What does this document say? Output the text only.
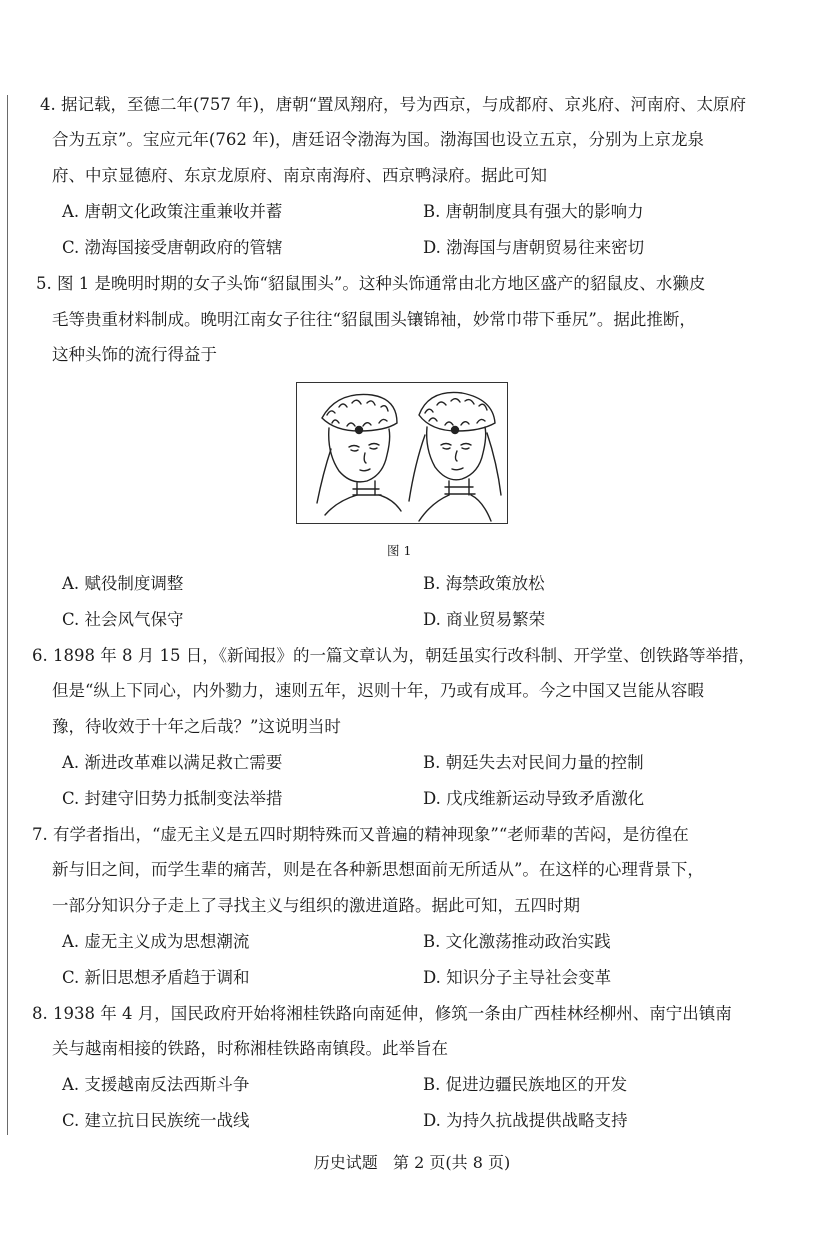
4. 据记载，至德二年(757 年)，唐朝“置凤翔府，号为西京，与成都府、京兆府、河南府、太原府
合为五京”。宝应元年(762 年)，唐廷诏令渤海为国。渤海国也设立五京，分别为上京龙泉
府、中京显德府、东京龙原府、南京南海府、西京鸭渌府。据此可知
A. 唐朝文化政策注重兼收并蓄	B. 唐朝制度具有强大的影响力
C. 渤海国接受唐朝政府的管辖	D. 渤海国与唐朝贸易往来密切
5. 图 1 是晚明时期的女子头饰“貂鼠围头”。这种头饰通常由北方地区盛产的貂鼠皮、水獭皮
毛等贵重材料制成。晚明江南女子往往“貂鼠围头镶锦袖，妙常巾带下垂尻”。据此推断，
这种头饰的流行得益于
图 1
A. 赋役制度调整	B. 海禁政策放松
C. 社会风气保守	D. 商业贸易繁荣
6. 1898 年 8 月 15 日，《新闻报》的一篇文章认为，朝廷虽实行改科制、开学堂、创铁路等举措，
但是“纵上下同心，内外勠力，速则五年，迟则十年，乃或有成耳。今之中国又岂能从容暇
豫，待收效于十年之后哉？”这说明当时
A. 渐进改革难以满足救亡需要	B. 朝廷失去对民间力量的控制
C. 封建守旧势力抵制变法举措	D. 戊戌维新运动导致矛盾激化
7. 有学者指出，“虚无主义是五四时期特殊而又普遍的精神现象”“老师辈的苦闷，是彷徨在
新与旧之间，而学生辈的痛苦，则是在各种新思想面前无所适从”。在这样的心理背景下，
一部分知识分子走上了寻找主义与组织的激进道路。据此可知，五四时期
A. 虚无主义成为思想潮流	B. 文化激荡推动政治实践
C. 新旧思想矛盾趋于调和	D. 知识分子主导社会变革
8. 1938 年 4 月，国民政府开始将湘桂铁路向南延伸，修筑一条由广西桂林经柳州、南宁出镇南
关与越南相接的铁路，时称湘桂铁路南镇段。此举旨在
A. 支援越南反法西斯斗争	B. 促进边疆民族地区的开发
C. 建立抗日民族统一战线	D. 为持久抗战提供战略支持
历史试题   第 2 页(共 8 页)
